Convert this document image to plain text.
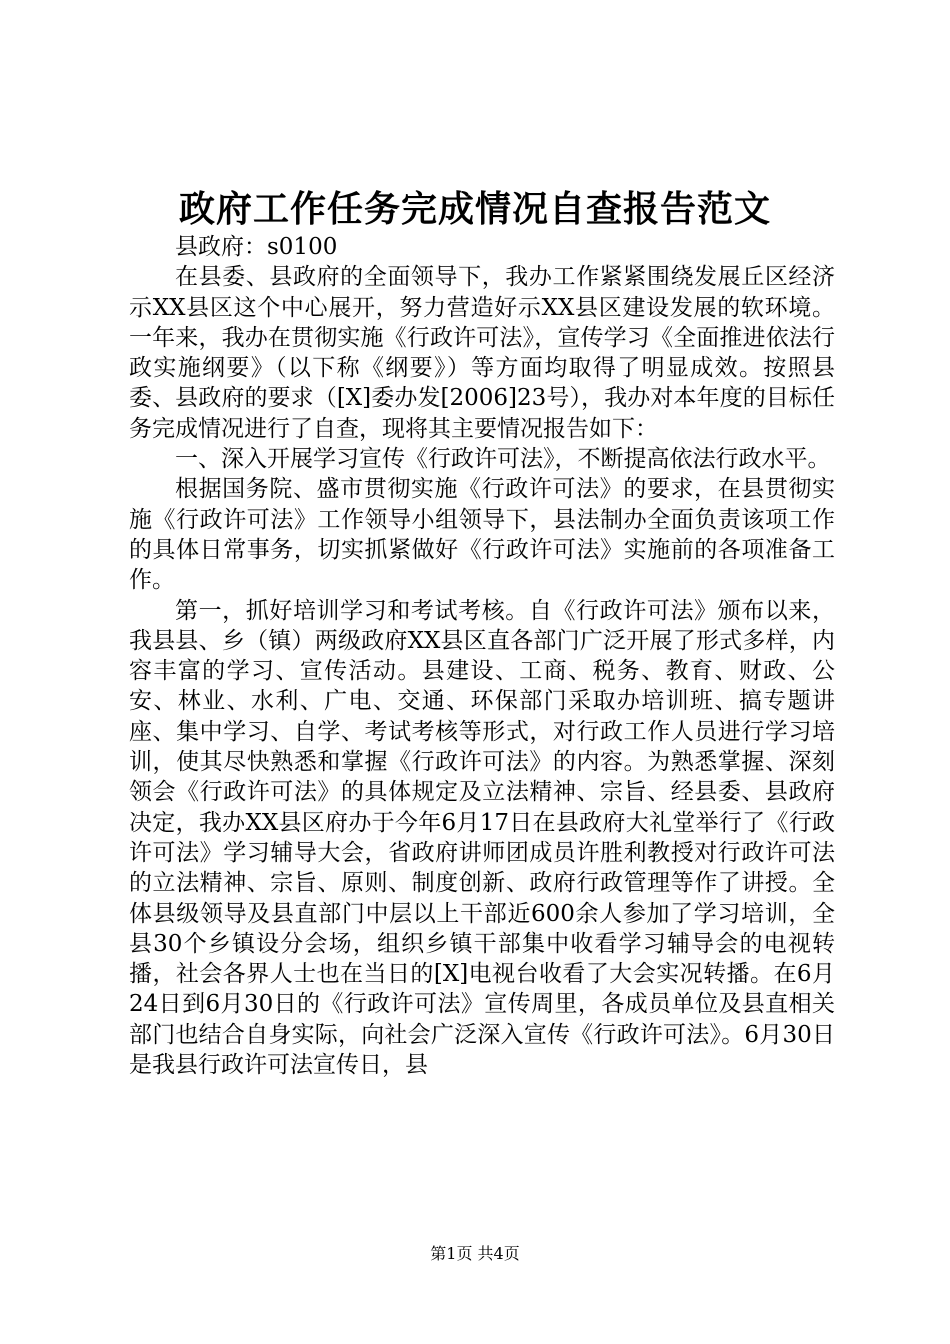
政府工作任务完成情况自查报告范文

县政府：s0100

在县委、县政府的全面领导下，我办工作紧紧围绕发展丘区经济示XX县区这个中心展开，努力营造好示XX县区建设发展的软环境。一年来，我办在贯彻实施《行政许可法》，宣传学习《全面推进依法行政实施纲要》（以下称《纲要》）等方面均取得了明显成效。按照县委、县政府的要求（[X]委办发[2006]23号），我办对本年度的目标任务完成情况进行了自查，现将其主要情况报告如下：

一、深入开展学习宣传《行政许可法》，不断提高依法行政水平。

根据国务院、盛市贯彻实施《行政许可法》的要求，在县贯彻实施《行政许可法》工作领导小组领导下，县法制办全面负责该项工作的具体日常事务，切实抓紧做好《行政许可法》实施前的各项准备工作。

第一，抓好培训学习和考试考核。自《行政许可法》颁布以来，我县县、乡（镇）两级政府XX县区直各部门广泛开展了形式多样，内容丰富的学习、宣传活动。县建设、工商、税务、教育、财政、公安、林业、水利、广电、交通、环保部门采取办培训班、搞专题讲座、集中学习、自学、考试考核等形式，对行政工作人员进行学习培训，使其尽快熟悉和掌握《行政许可法》的内容。为熟悉掌握、深刻领会《行政许可法》的具体规定及立法精神、宗旨、经县委、县政府决定，我办XX县区府办于今年6月17日在县政府大礼堂举行了《行政许可法》学习辅导大会，省政府讲师团成员许胜利教授对行政许可法的立法精神、宗旨、原则、制度创新、政府行政管理等作了讲授。全体县级领导及县直部门中层以上干部近600余人参加了学习培训，全县30个乡镇设分会场，组织乡镇干部集中收看学习辅导会的电视转播，社会各界人士也在当日的[X]电视台收看了大会实况转播。在6月24日到6月30日的《行政许可法》宣传周里，各成员单位及县直相关部门也结合自身实际，向社会广泛深入宣传《行政许可法》。6月30日是我县行政许可法宣传日，县

第1页 共4页
